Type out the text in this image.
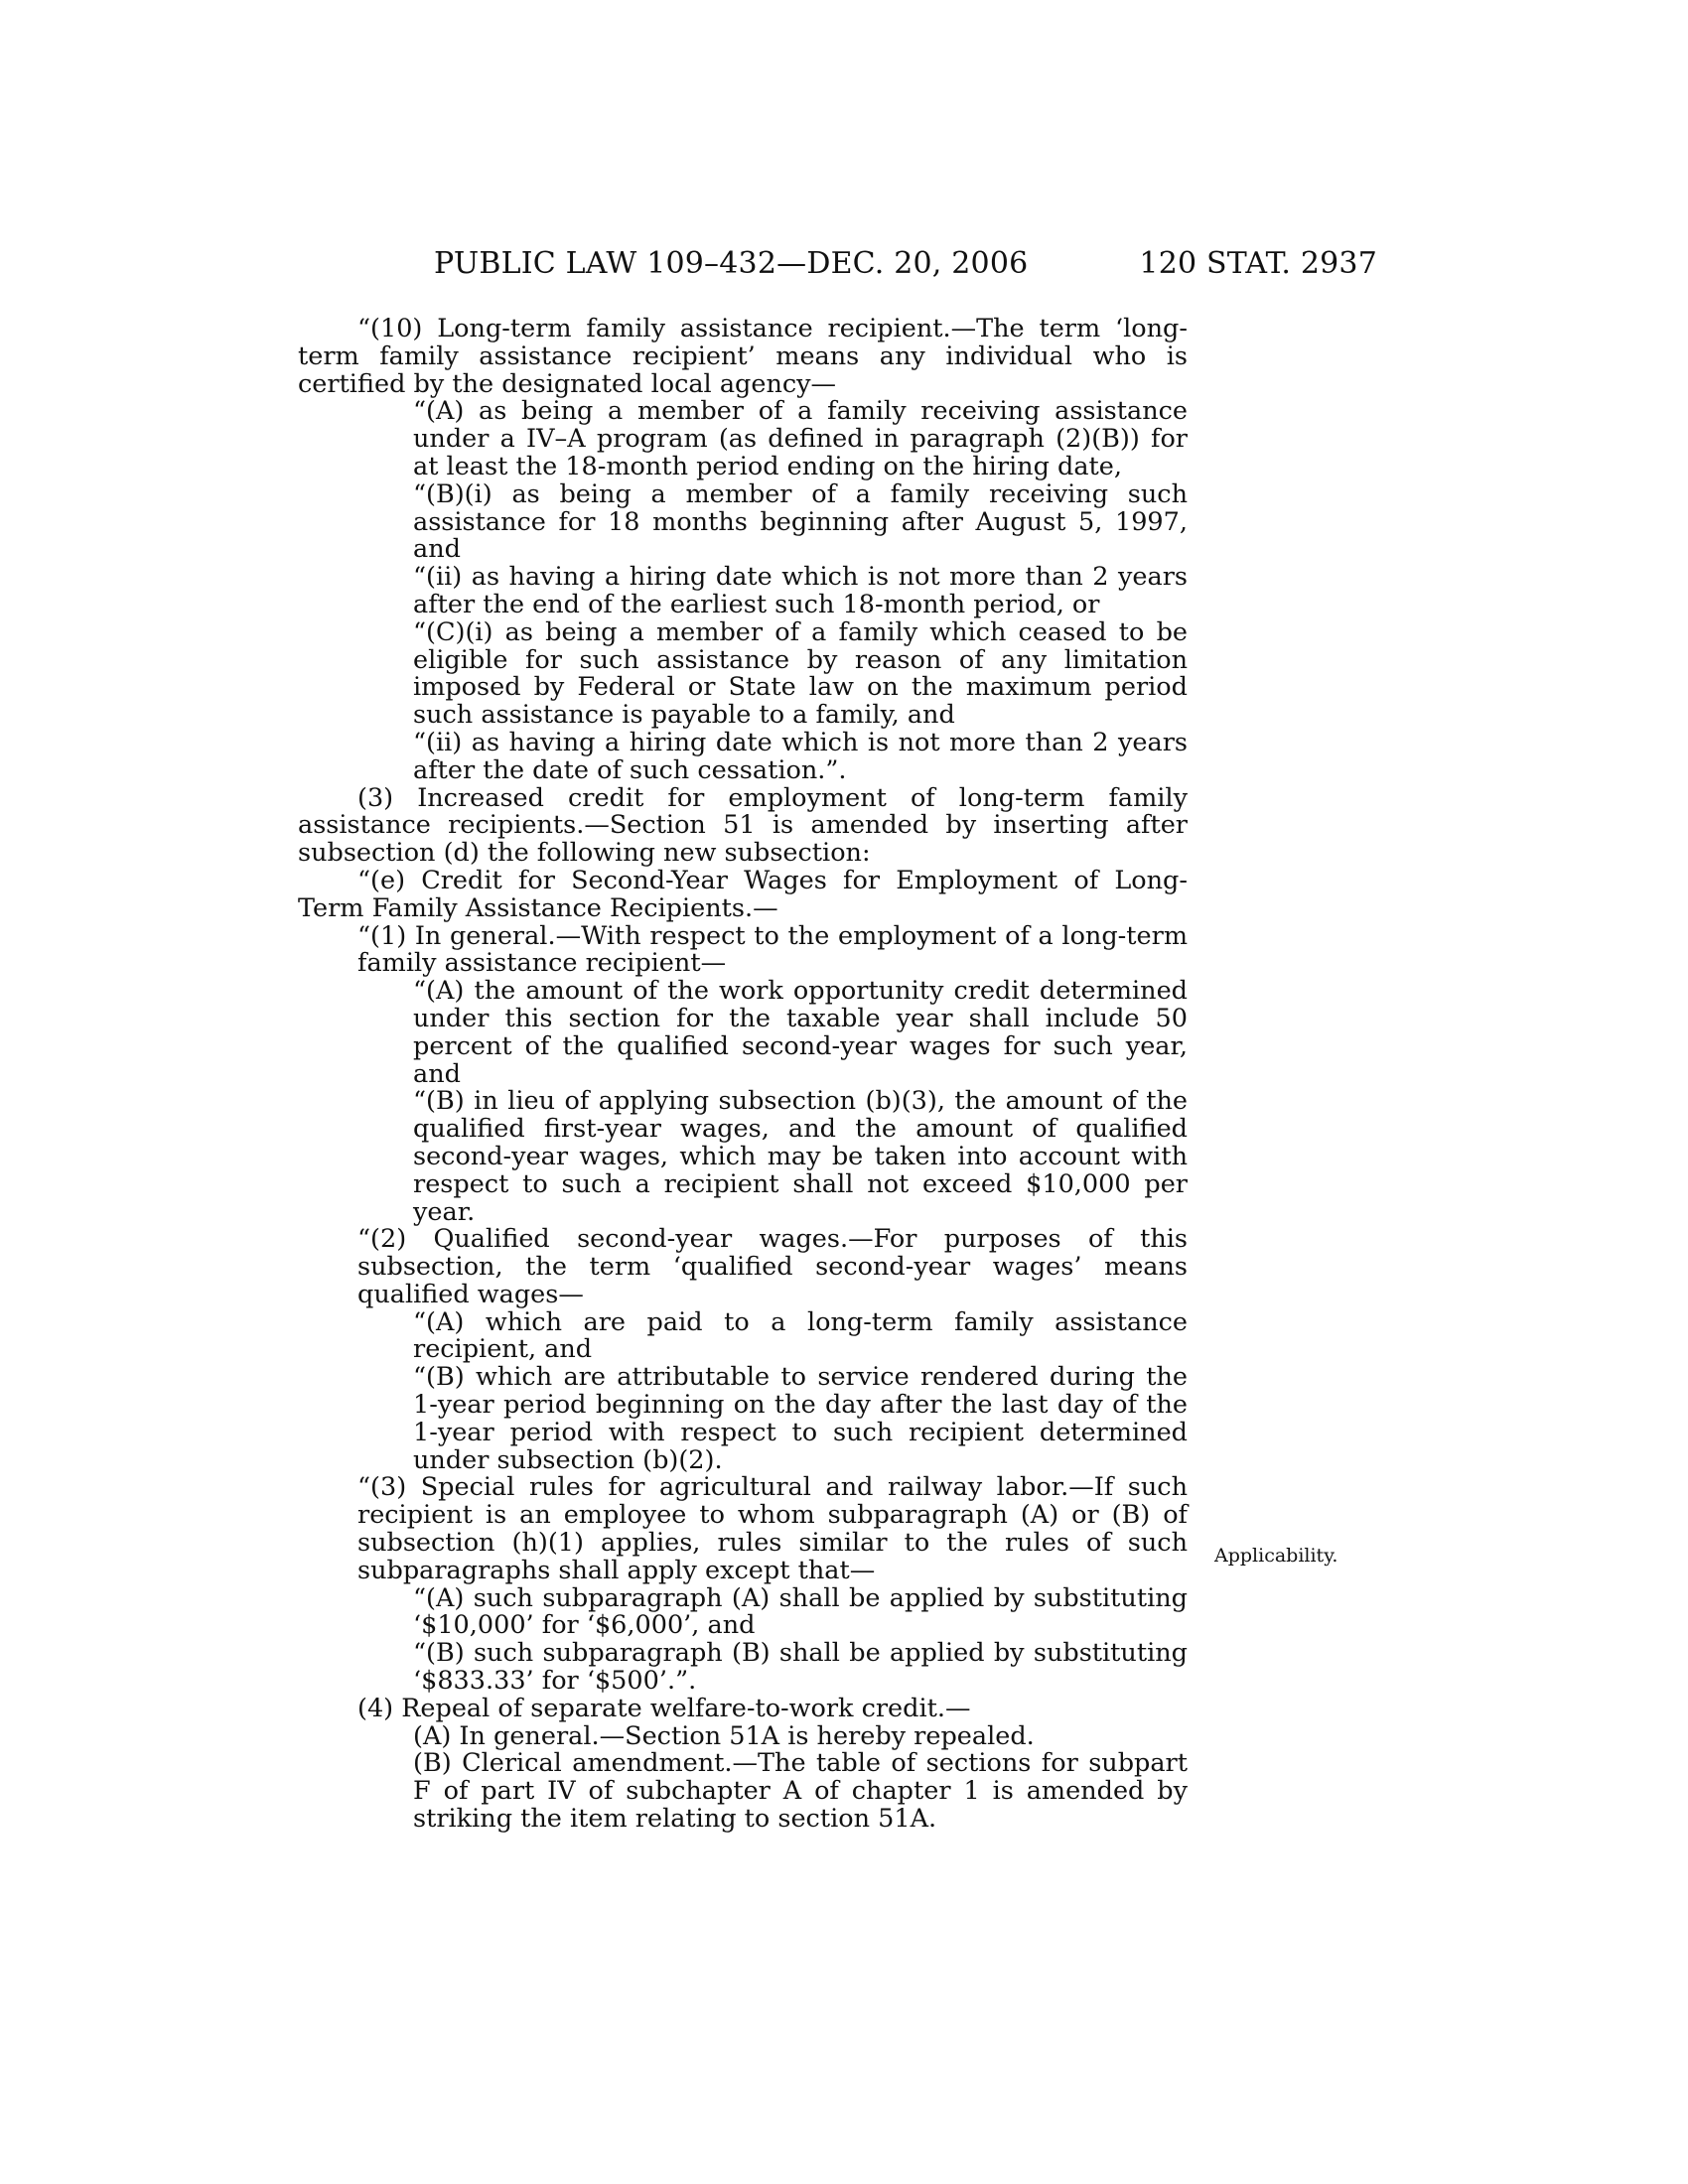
PUBLIC LAW 109–432—DEC. 20, 2006	120 STAT. 2937

“(10) Long-term family assistance recipient.—The term ‘long-term family assistance recipient’ means any individual who is certified by the designated local agency—

“(A) as being a member of a family receiving assistance under a IV–A program (as defined in paragraph (2)(B)) for at least the 18-month period ending on the hiring date,

“(B)(i) as being a member of a family receiving such assistance for 18 months beginning after August 5, 1997, and

“(ii) as having a hiring date which is not more than 2 years after the end of the earliest such 18-month period, or

“(C)(i) as being a member of a family which ceased to be eligible for such assistance by reason of any limitation imposed by Federal or State law on the maximum period such assistance is payable to a family, and

“(ii) as having a hiring date which is not more than 2 years after the date of such cessation.”.

(3) Increased credit for employment of long-term family assistance recipients.—Section 51 is amended by inserting after subsection (d) the following new subsection:

“(e) Credit for Second-Year Wages for Employment of Long-Term Family Assistance Recipients.—

“(1) In general.—With respect to the employment of a long-term family assistance recipient—

“(A) the amount of the work opportunity credit determined under this section for the taxable year shall include 50 percent of the qualified second-year wages for such year, and

“(B) in lieu of applying subsection (b)(3), the amount of the qualified first-year wages, and the amount of qualified second-year wages, which may be taken into account with respect to such a recipient shall not exceed $10,000 per year.

“(2) Qualified second-year wages.—For purposes of this subsection, the term ‘qualified second-year wages’ means qualified wages—

“(A) which are paid to a long-term family assistance recipient, and

“(B) which are attributable to service rendered during the 1-year period beginning on the day after the last day of the 1-year period with respect to such recipient determined under subsection (b)(2).

“(3) Special rules for agricultural and railway labor.—If such recipient is an employee to whom subparagraph (A) or (B) of subsection (h)(1) applies, rules similar to the rules of such subparagraphs shall apply except that—

“(A) such subparagraph (A) shall be applied by substituting ‘$10,000’ for ‘$6,000’, and

“(B) such subparagraph (B) shall be applied by substituting ‘$833.33’ for ‘$500’.”.

(4) Repeal of separate welfare-to-work credit.—

(A) In general.—Section 51A is hereby repealed.

(B) Clerical amendment.—The table of sections for subpart F of part IV of subchapter A of chapter 1 is amended by striking the item relating to section 51A.

Applicability.
